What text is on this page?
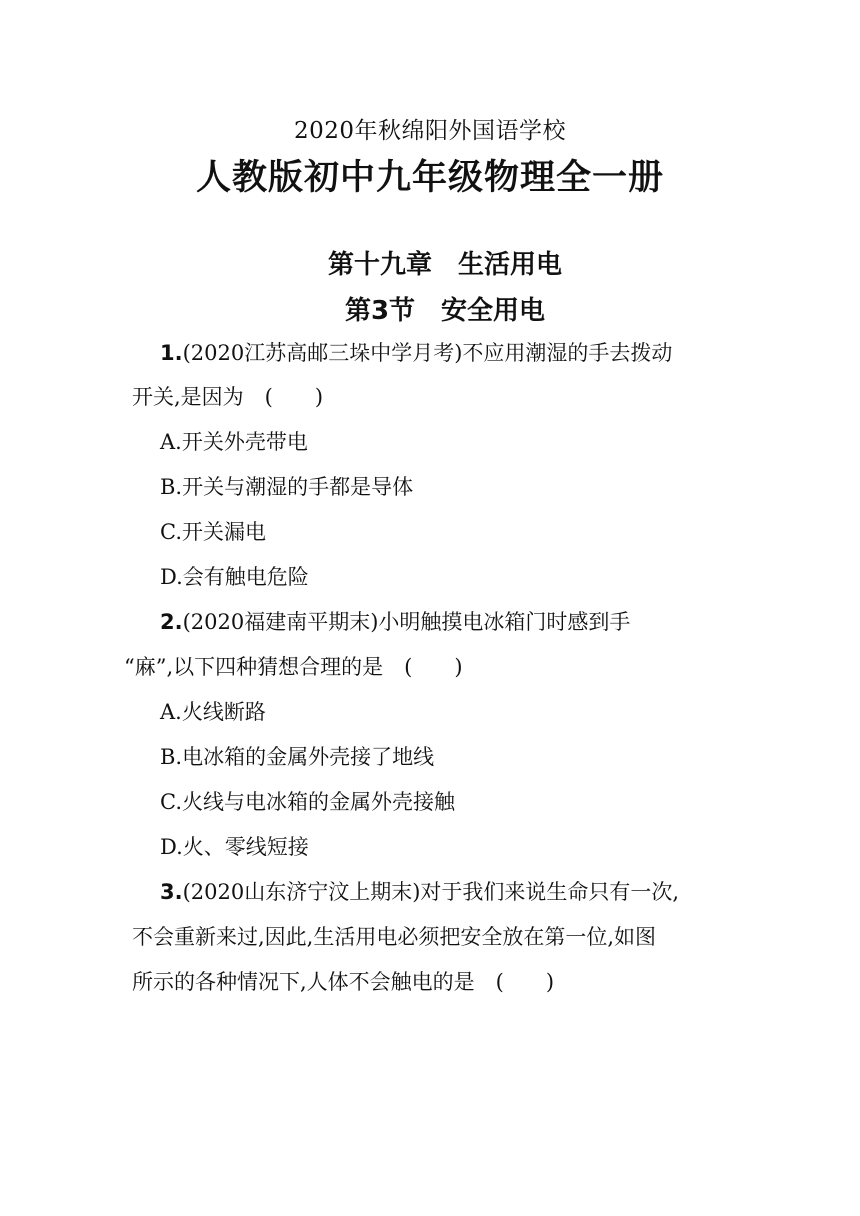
2020年秋绵阳外国语学校
人教版初中九年级物理全一册
第十九章　生活用电
第3节　安全用电
1.(2020江苏高邮三垛中学月考)不应用潮湿的手去拨动
开关,是因为　(　　)
A.开关外壳带电
B.开关与潮湿的手都是导体
C.开关漏电
D.会有触电危险
2.(2020福建南平期末)小明触摸电冰箱门时感到手
“麻”,以下四种猜想合理的是　(　　)
A.火线断路
B.电冰箱的金属外壳接了地线
C.火线与电冰箱的金属外壳接触
D.火、零线短接
3.(2020山东济宁汶上期末)对于我们来说生命只有一次,
不会重新来过,因此,生活用电必须把安全放在第一位,如图
所示的各种情况下,人体不会触电的是　(　　)
